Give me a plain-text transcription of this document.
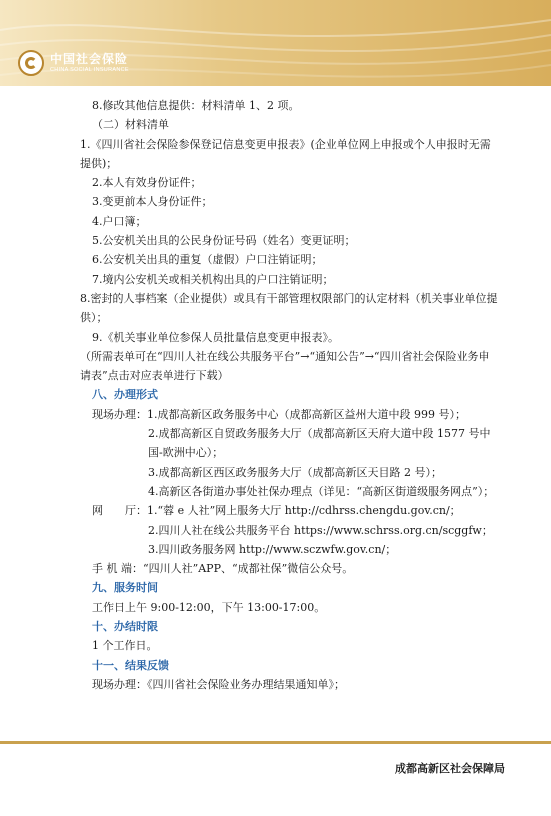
中国社会保险
CHINA SOCIAL INSURANCE

8.修改其他信息提供：材料清单 1、2 项。

（二）材料清单

1.《四川省社会保险参保登记信息变更申报表》(企业单位网上申报或个人申报时无需提供)；

2.本人有效身份证件；

3.变更前本人身份证件；

4.户口簿；

5.公安机关出具的公民身份证号码（姓名）变更证明；

6.公安机关出具的重复（虚假）户口注销证明；

7.境内公安机关或相关机构出具的户口注销证明；

8.密封的人事档案（企业提供）或具有干部管理权限部门的认定材料（机关事业单位提供）；

9.《机关事业单位参保人员批量信息变更申报表》。

（所需表单可在“四川人社在线公共服务平台”→“通知公告”→“四川省社会保险业务申请表”点击对应表单进行下载）

八、办理形式

现场办理：1.成都高新区政务服务中心（成都高新区益州大道中段 999 号）；

2.成都高新区自贸政务服务大厅（成都高新区天府大道中段 1577 号中国-欧洲中心）；

3.成都高新区西区政务服务大厅（成都高新区天目路 2 号）；

4.高新区各街道办事处社保办理点（详见：“高新区街道级服务网点”）；

网　　厅：1.“蓉 e 人社”网上服务大厅 http://cdhrss.chengdu.gov.cn/；

2.四川人社在线公共服务平台 https://www.schrss.org.cn/scggfw；

3.四川政务服务网 http://www.sczwfw.gov.cn/；

手 机 端：“四川人社”APP、“成都社保”微信公众号。

九、服务时间

工作日上午 9:00-12:00，下午 13:00-17:00。

十、办结时限

1 个工作日。

十一、结果反馈

现场办理：《四川省社会保险业务办理结果通知单》；

成都高新区社会保障局
